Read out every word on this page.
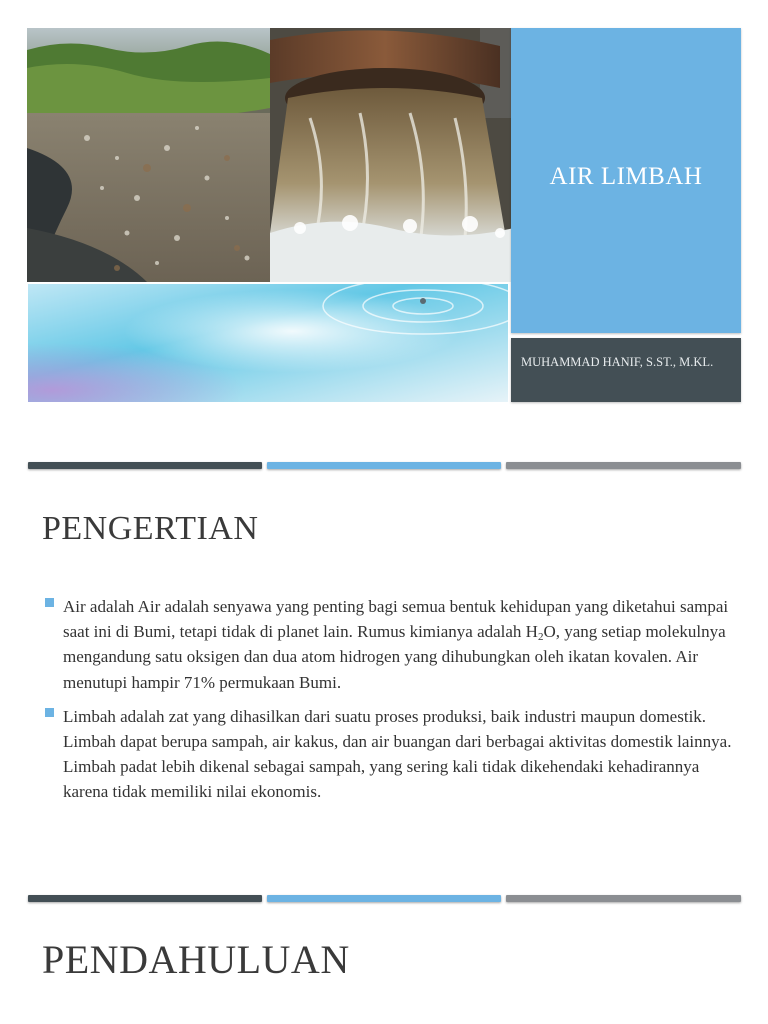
AIR LIMBAH
MUHAMMAD HANIF, S.ST., M.KL.
PENGERTIAN
Air adalah Air adalah senyawa yang penting bagi semua bentuk kehidupan yang diketahui sampai saat ini di Bumi, tetapi tidak di planet lain. Rumus kimianya adalah $H_2O$, yang setiap molekulnya mengandung satu oksigen dan dua atom hidrogen yang dihubungkan oleh ikatan kovalen. Air menutupi hampir 71% permukaan Bumi.
Limbah adalah zat yang dihasilkan dari suatu proses produksi, baik industri maupun domestik. Limbah dapat berupa sampah, air kakus, dan air buangan dari berbagai aktivitas domestik lainnya. Limbah padat lebih dikenal sebagai sampah, yang sering kali tidak dikehendaki kehadirannya karena tidak memiliki nilai ekonomis.
PENDAHULUAN
